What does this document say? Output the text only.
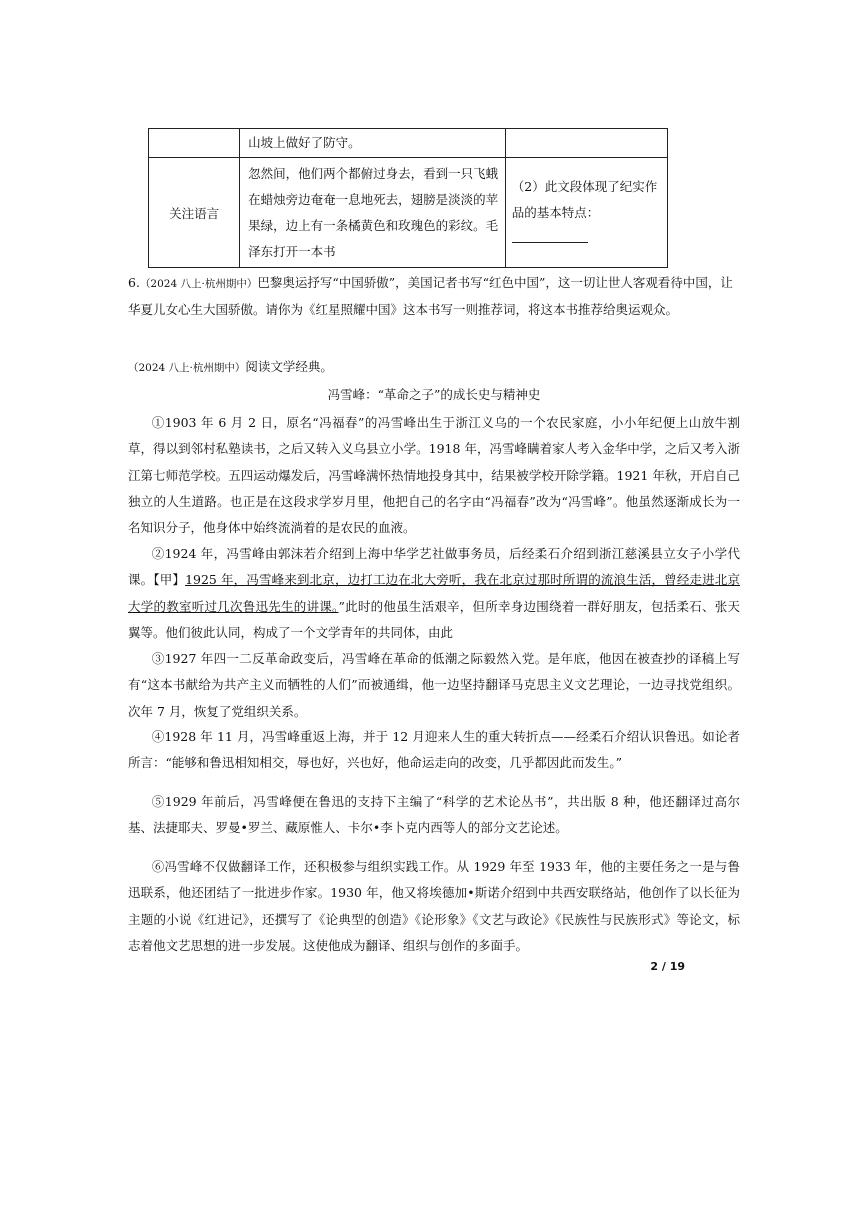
	山坡上做好了防守。	
关注语言	忽然间，他们两个都俯过身去，看到一只飞蛾在蜡烛旁边奄奄一息地死去，翅膀是淡淡的苹果绿，边上有一条橘黄色和玫瑰色的彩纹。毛泽东打开一本书	（2）此文段体现了纪实作品的基本特点：
6.（2024 八上·杭州期中）巴黎奥运抒写“中国骄傲”，美国记者书写“红色中国”，这一切让世人客观看待中国，让华夏儿女心生大国骄傲。请你为《红星照耀中国》这本书写一则推荐词，将这本书推荐给奥运观众。
（2024 八上·杭州期中）阅读文学经典。
冯雪峰：“革命之子”的成长史与精神史
①1903 年 6 月 2 日，原名“冯福春”的冯雪峰出生于浙江义乌的一个农民家庭，小小年纪便上山放牛割草，得以到邻村私塾读书，之后又转入义乌县立小学。1918 年，冯雪峰瞒着家人考入金华中学，之后又考入浙江第七师范学校。五四运动爆发后，冯雪峰满怀热情地投身其中，结果被学校开除学籍。1921 年秋，开启自己独立的人生道路。也正是在这段求学岁月里，他把自己的名字由“冯福春”改为“冯雪峰”。他虽然逐渐成长为一名知识分子，他身体中始终流淌着的是农民的血液。
②1924 年，冯雪峰由郭沫若介绍到上海中华学艺社做事务员，后经柔石介绍到浙江慈溪县立女子小学代课。【甲】1925 年，冯雪峰来到北京，边打工边在北大旁听，我在北京过那时所谓的流浪生活，曾经走进北京大学的教室听过几次鲁迅先生的讲课。”此时的他虽生活艰辛，但所幸身边围绕着一群好朋友，包括柔石、张天翼等。他们彼此认同，构成了一个文学青年的共同体，由此
③1927 年四一二反革命政变后，冯雪峰在革命的低潮之际毅然入党。是年底，他因在被查抄的译稿上写有“这本书献给为共产主义而牺牲的人们”而被通缉，他一边坚持翻译马克思主义文艺理论，一边寻找党组织。次年 7 月，恢复了党组织关系。
④1928 年 11 月，冯雪峰重返上海，并于 12 月迎来人生的重大转折点——经柔石介绍认识鲁迅。如论者所言：“能够和鲁迅相知相交，辱也好，兴也好，他命运走向的改变，几乎都因此而发生。”
⑤1929 年前后，冯雪峰便在鲁迅的支持下主编了“科学的艺术论丛书”，共出版 8 种，他还翻译过高尔基、法捷耶夫、罗曼•罗兰、藏原惟人、卡尔•李卜克内西等人的部分文艺论述。
⑥冯雪峰不仅做翻译工作，还积极参与组织实践工作。从 1929 年至 1933 年，他的主要任务之一是与鲁迅联系，他还团结了一批进步作家。1930 年，他又将埃德加•斯诺介绍到中共西安联络站，他创作了以长征为主题的小说《红进记》，还撰写了《论典型的创造》《论形象》《文艺与政论》《民族性与民族形式》等论文，标志着他文艺思想的进一步发展。这使他成为翻译、组织与创作的多面手。
2 / 19
